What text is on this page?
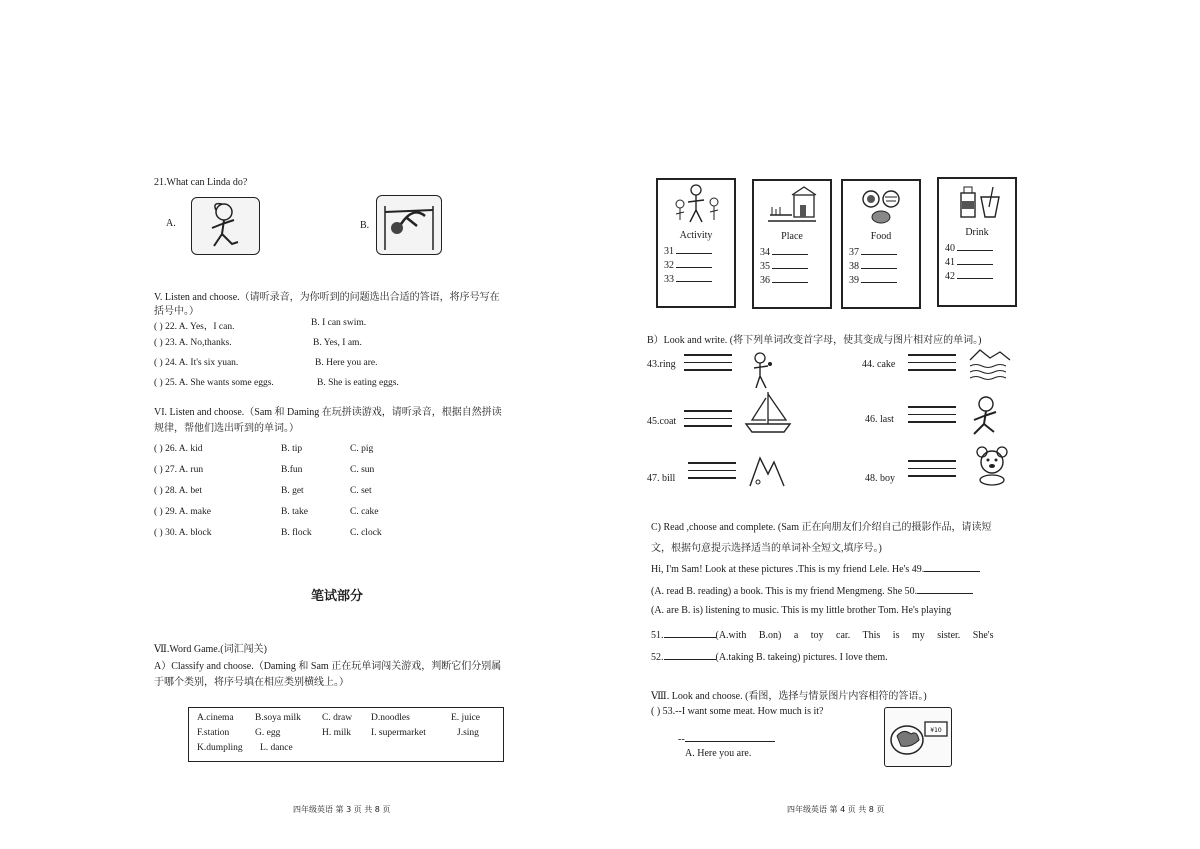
21.What can Linda do?
A.	B.
V. Listen and choose.（请听录音，为你听到的问题选出合适的答语，将序号写在
括号中。）
( ) 22. A. Yes，I can.	B. I can swim.
( ) 23. A. No,thanks.	B. Yes, I am.
( ) 24. A. It's six yuan.	B. Here you are.
( ) 25. A. She wants some eggs.	B. She is eating eggs.
VI. Listen and choose.（Sam 和 Daming 在玩拼读游戏，请听录音，根据自然拼读
规律，帮他们选出听到的单词。）
( ) 26. A. kid	B. tip	C. pig
( ) 27. A. run	B.fun	C. sun
( ) 28. A. bet	B. get	C. set
( ) 29. A. make	B. take	C. cake
( ) 30. A. block	B. flock	C. clock
笔试部分
Ⅶ.Word Game.(词汇闯关)
A）Classify and choose.（Daming 和 Sam 正在玩单词闯关游戏，判断它们分别属
于哪个类别，将序号填在相应类别横线上。）
A.cinema B.soya milk C. draw D.noodles	E. juice
F.station	G. egg	H. milk I. supermarket	J.sing
K.dumpling L. dance
四年级英语 第 3 页 共 8 页
Activity
31
32
33
Place
34
35
36
Food
37
38
39
Drink
40
41
42
B）Look and write. (将下列单词改变首字母，使其变成与图片相对应的单词。)
43.ring	44. cake
45.coat	46. last
47. bill	48. boy
C) Read ,choose and complete. (Sam 正在向朋友们介绍自己的摄影作品，请读短
文，根据句意提示选择适当的单词补全短文,填序号。)
Hi, I'm Sam! Look at these pictures .This is my friend Lele. He's 49.
(A. read B. reading) a book. This is my friend Mengmeng. She 50.
(A. are B. is) listening to music. This is my little brother Tom. He's playing
51.	(A.with     B.on)     a     toy     car.     This     is     my     sister.     She's
52.	(A.taking B. takeing) pictures. I love them.
Ⅷ. Look and choose. (看图，选择与情景图片内容相符的答语。)
( ) 53.--I want some meat. How much is it?
--
A. Here you are.
¥10
四年级英语 第 4 页 共 8 页
